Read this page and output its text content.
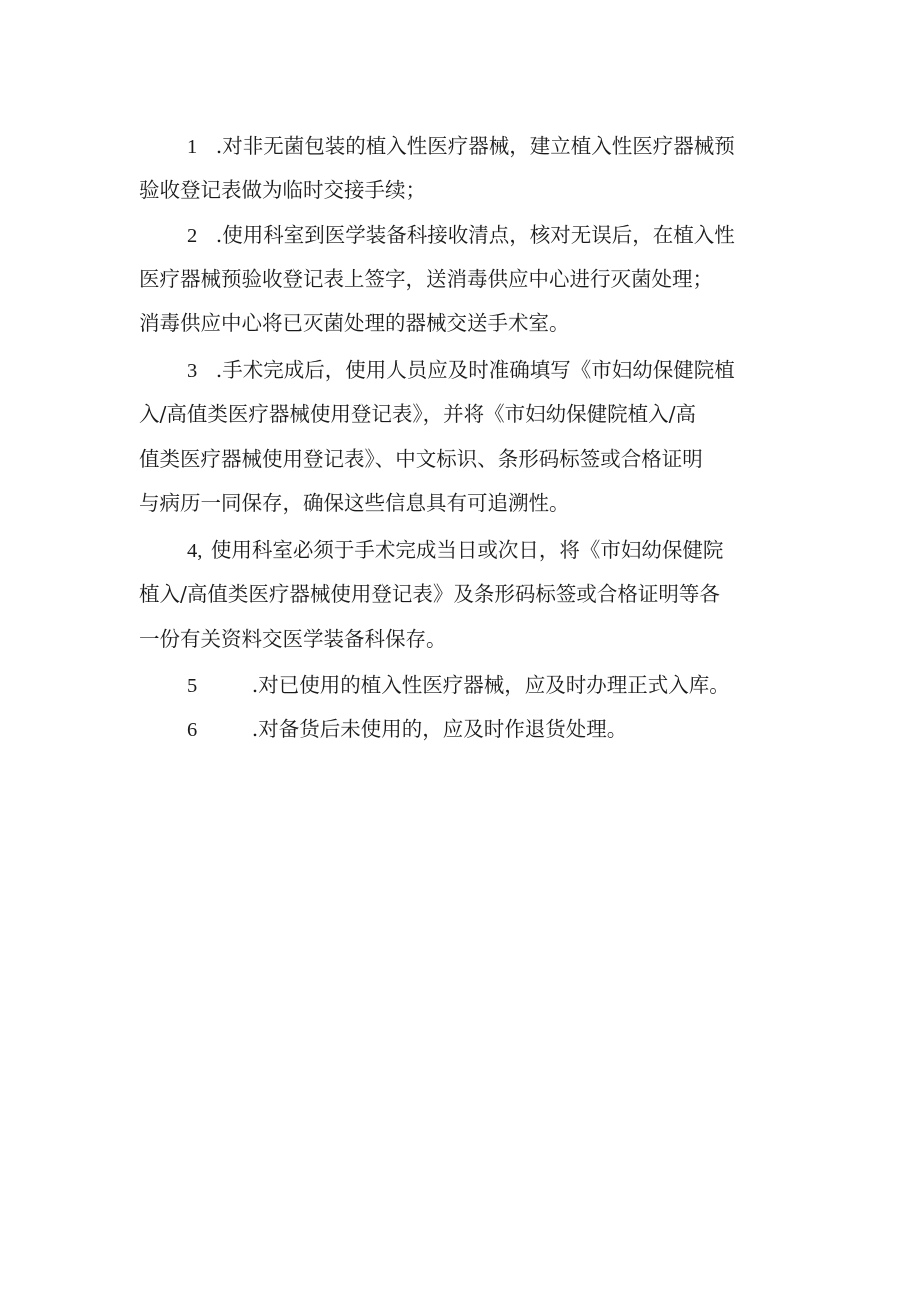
1 .对非无菌包装的植入性医疗器械，建立植入性医疗器械预
验收登记表做为临时交接手续；
2 .使用科室到医学装备科接收清点，核对无误后，在植入性
医疗器械预验收登记表上签字，送消毒供应中心进行灭菌处理；
消毒供应中心将已灭菌处理的器械交送手术室。
3 .手术完成后，使用人员应及时准确填写《市妇幼保健院植
入/高值类医疗器械使用登记表》，并将《市妇幼保健院植入/高
值类医疗器械使用登记表》、中文标识、条形码标签或合格证明
与病历一同保存，确保这些信息具有可追溯性。
4, 使用科室必须于手术完成当日或次日，将《市妇幼保健院
植入/高值类医疗器械使用登记表》及条形码标签或合格证明等各
一份有关资料交医学装备科保存。
5	.对已使用的植入性医疗器械，应及时办理正式入库。
6	.对备货后未使用的，应及时作退货处理。
